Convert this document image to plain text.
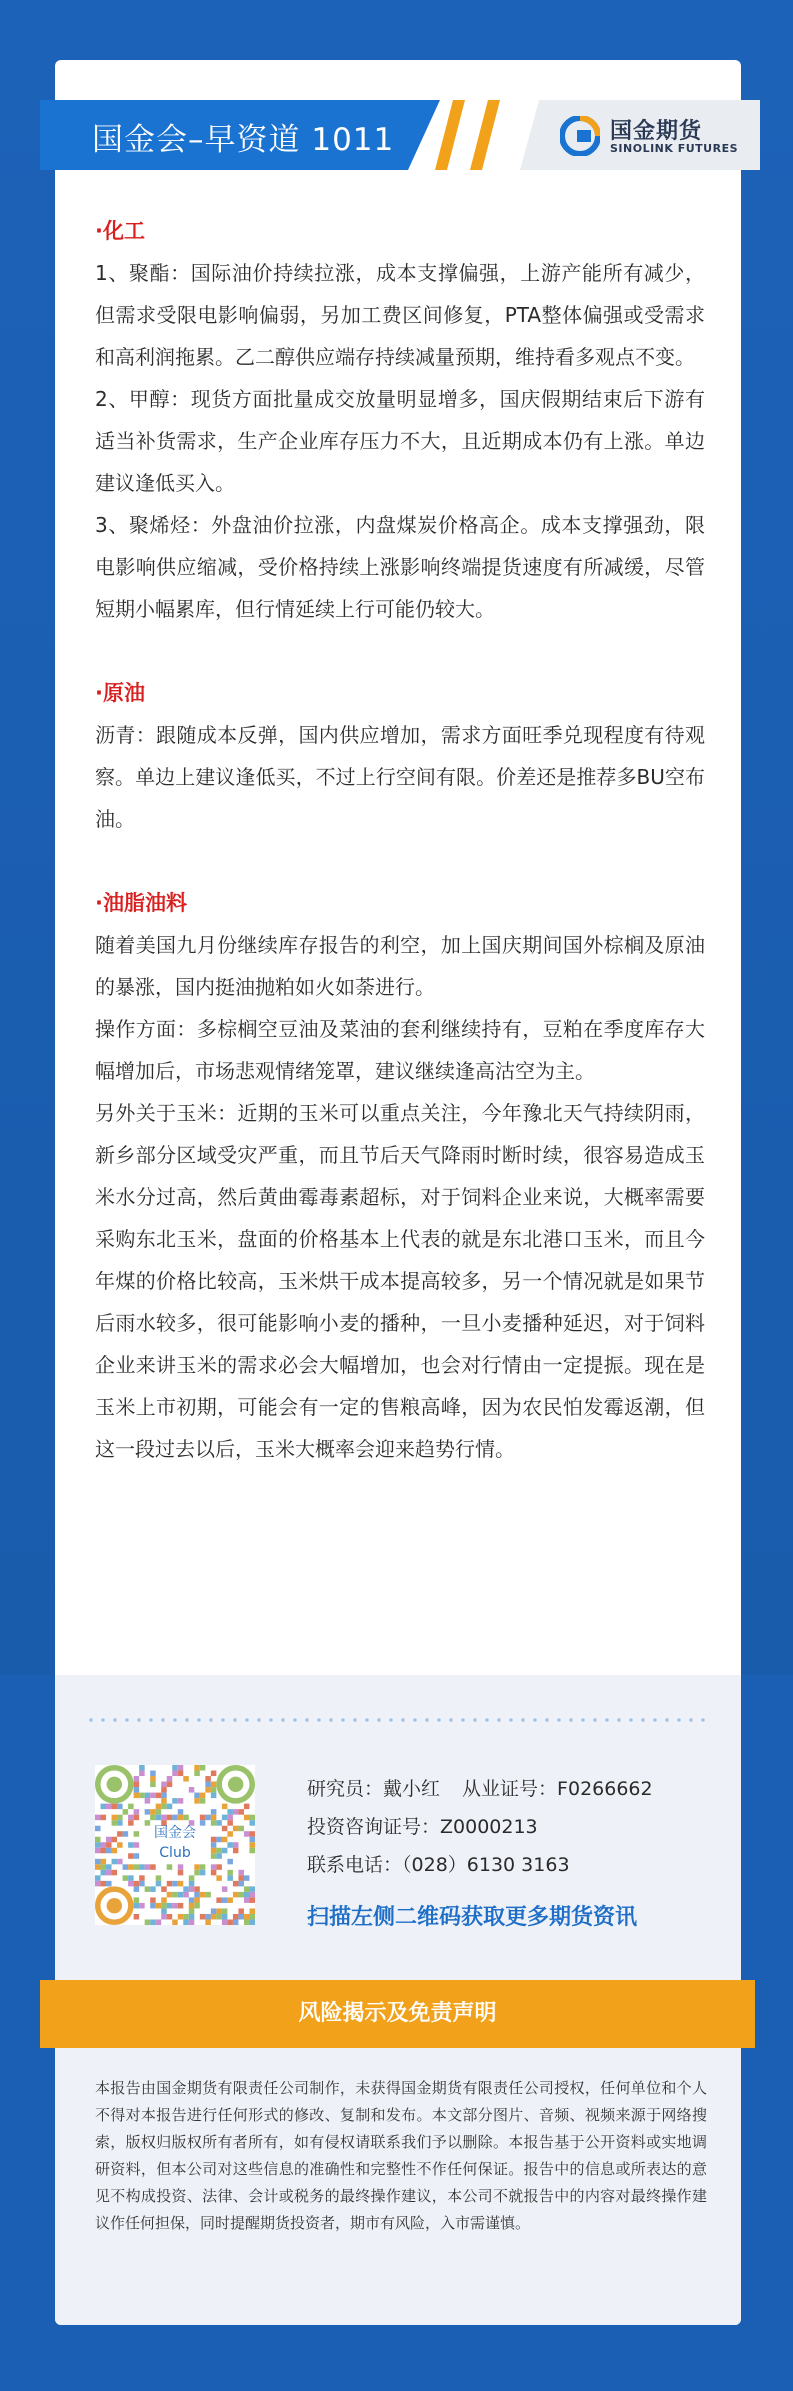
国金会–早资道 1011	国金期货
SINOLINK FUTURES
·化工
1、聚酯：国际油价持续拉涨，成本支撑偏强，上游产能所有减少，但需求受限电影响偏弱，另加工费区间修复，PTA整体偏强或受需求和高利润拖累。乙二醇供应端存持续减量预期，维持看多观点不变。
2、甲醇：现货方面批量成交放量明显增多，国庆假期结束后下游有适当补货需求，生产企业库存压力不大，且近期成本仍有上涨。单边建议逢低买入。
3、聚烯烃：外盘油价拉涨，内盘煤炭价格高企。成本支撑强劲，限电影响供应缩减，受价格持续上涨影响终端提货速度有所减缓，尽管短期小幅累库，但行情延续上行可能仍较大。
·原油
沥青：跟随成本反弹，国内供应增加，需求方面旺季兑现程度有待观察。单边上建议逢低买，不过上行空间有限。价差还是推荐多BU空布油。
·油脂油料
随着美国九月份继续库存报告的利空，加上国庆期间国外棕榈及原油的暴涨，国内挺油抛粕如火如荼进行。
操作方面：多棕榈空豆油及菜油的套利继续持有，豆粕在季度库存大幅增加后，市场悲观情绪笼罩，建议继续逢高沽空为主。
另外关于玉米：近期的玉米可以重点关注，今年豫北天气持续阴雨，新乡部分区域受灾严重，而且节后天气降雨时断时续，很容易造成玉米水分过高，然后黄曲霉毒素超标，对于饲料企业来说，大概率需要采购东北玉米，盘面的价格基本上代表的就是东北港口玉米，而且今年煤的价格比较高，玉米烘干成本提高较多，另一个情况就是如果节后雨水较多，很可能影响小麦的播种，一旦小麦播种延迟，对于饲料企业来讲玉米的需求必会大幅增加，也会对行情由一定提振。现在是玉米上市初期，可能会有一定的售粮高峰，因为农民怕发霉返潮，但这一段过去以后，玉米大概率会迎来趋势行情。
国金会
Club
研究员：戴小红 从业证号：F0266662
投资咨询证号：Z0000213
联系电话：（028）6130 3163
扫描左侧二维码获取更多期货资讯
风险揭示及免责声明
本报告由国金期货有限责任公司制作，未获得国金期货有限责任公司授权，任何单位和个人不得对本报告进行任何形式的修改、复制和发布。本文部分图片、音频、视频来源于网络搜索，版权归版权所有者所有，如有侵权请联系我们予以删除。本报告基于公开资料或实地调研资料，但本公司对这些信息的准确性和完整性不作任何保证。报告中的信息或所表达的意见不构成投资、法律、会计或税务的最终操作建议，本公司不就报告中的内容对最终操作建议作任何担保，同时提醒期货投资者，期市有风险，入市需谨慎。
